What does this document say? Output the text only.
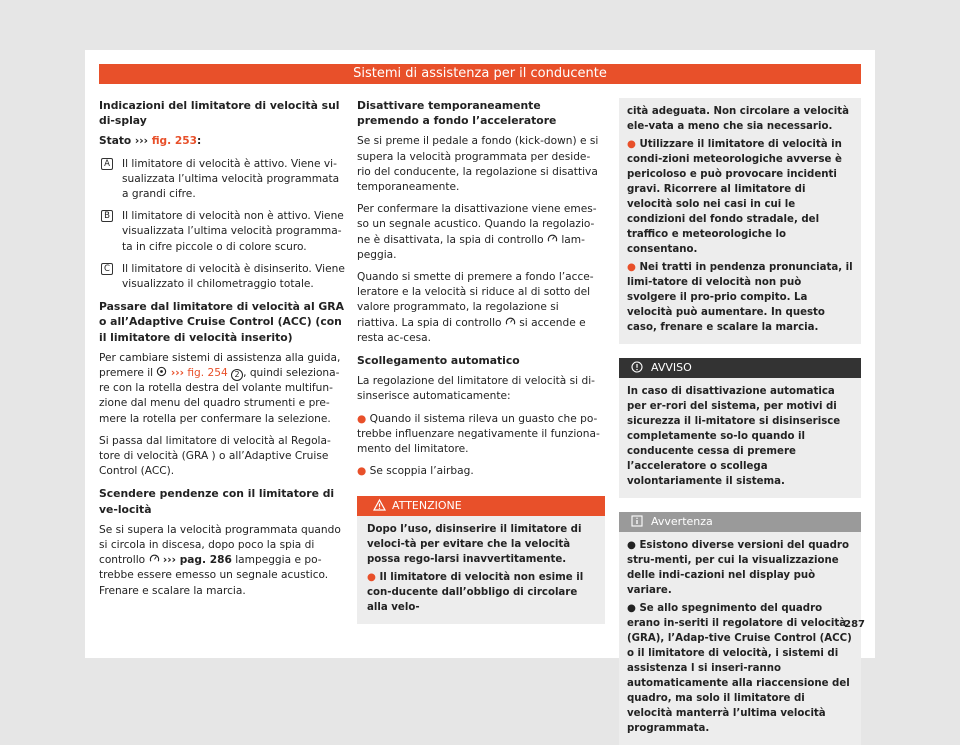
Sistemi di assistenza per il conducente
Indicazioni del limitatore di velocità sul di-splay

Stato ››› fig. 253:

A Il limitatore di velocità è attivo. Viene vi-sualizzata l’ultima velocità programmata a grandi cifre.
B Il limitatore di velocità non è attivo. Viene visualizzata l’ultima velocità programma-ta in cifre piccole o di colore scuro.
C Il limitatore di velocità è disinserito. Viene visualizzato il chilometraggio totale.
Passare dal limitatore di velocità al GRA o all’Adaptive Cruise Control (ACC) (con il limitatore di velocità inserito)

Per cambiare sistemi di assistenza alla guida, premere il ››› fig. 254 2 , quindi seleziona-re con la rotella destra del volante multifun-zione dal menu del quadro strumenti e pre-mere la rotella per confermare la selezione.

Si passa dal limitatore di velocità al Regola-tore di velocità (GRA ) o all’Adaptive Cruise Control (ACC).

Scendere pendenze con il limitatore di ve-locità

Se si supera la velocità programmata quando si circola in discesa, dopo poco la spia di controllo ››› pag. 286 lampeggia e po-trebbe essere emesso un segnale acustico. Frenare e scalare la marcia.

Disattivare temporaneamente premendo a fondo l’acceleratore

Se si preme il pedale a fondo (kick-down) e si supera la velocità programmata per deside-rio del conducente, la regolazione si disattiva temporaneamente.

Per confermare la disattivazione viene emes-so un segnale acustico. Quando la regolazio-ne è disattivata, la spia di controllo  lam-peggia.

Quando si smette di premere a fondo l’acce-leratore e la velocità si riduce al di sotto del valore programmato, la regolazione si riattiva. La spia di controllo  si accende e resta ac-cesa.

Scollegamento automatico

La regolazione del limitatore di velocità si di-sinserisce automaticamente:

● Quando il sistema rileva un guasto che po-trebbe influenzare negativamente il funziona-mento del limitatore.

● Se scoppia l’airbag.

ATTENZIONE

Dopo l’uso, disinserire il limitatore di veloci-tà per evitare che la velocità possa rego-larsi inavvertitamente.

● Il limitatore di velocità non esime il con-ducente dall’obbligo di circolare alla velo-

cità adeguata. Non circolare a velocità ele-vata a meno che sia necessario.

● Utilizzare il limitatore di velocità in condi-zioni meteorologiche avverse è pericoloso e può provocare incidenti gravi. Ricorrere al limitatore di velocità solo nei casi in cui le condizioni del fondo stradale, del traffico e meteorologiche lo consentano.

● Nei tratti in pendenza pronunciata, il limi-tatore di velocità non può svolgere il pro-prio compito. La velocità può aumentare. In questo caso, frenare e scalare la marcia.

AVVISO

In caso di disattivazione automatica per er-rori del sistema, per motivi di sicurezza il li-mitatore si disinserisce completamente so-lo quando il conducente cessa di premere l’acceleratore o scollega volontariamente il sistema.

Avvertenza

● Esistono diverse versioni del quadro stru-menti, per cui la visualizzazione delle indi-cazioni nel display può variare.

● Se allo spegnimento del quadro erano in-seriti il regolatore di velocità (GRA), l’Adap-tive Cruise Control (ACC) o il limitatore di velocità, i sistemi di assistenza l si inseri-ranno automaticamente alla riaccensione del quadro, ma solo il limitatore di velocità manterrà l’ultima velocità programmata.

287
